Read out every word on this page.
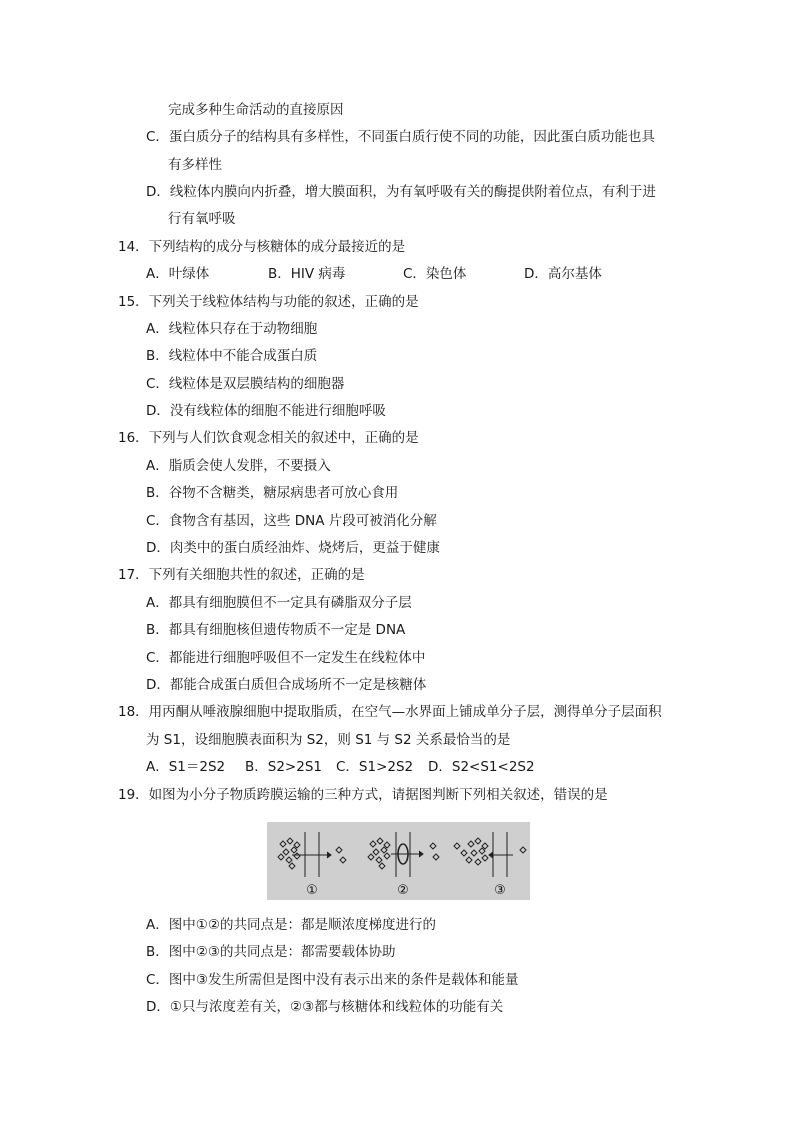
完成多种生命活动的直接原因
C．蛋白质分子的结构具有多样性，不同蛋白质行使不同的功能，因此蛋白质功能也具
有多样性
D．线粒体内膜向内折叠，增大膜面积，为有氧呼吸有关的酶提供附着位点，有利于进
行有氧呼吸
14．下列结构的成分与核糖体的成分最接近的是
A．叶绿体	B．HIV 病毒	C．染色体	D．高尔基体
15．下列关于线粒体结构与功能的叙述，正确的是
A．线粒体只存在于动物细胞
B．线粒体中不能合成蛋白质
C．线粒体是双层膜结构的细胞器
D．没有线粒体的细胞不能进行细胞呼吸
16．下列与人们饮食观念相关的叙述中，正确的是
A．脂质会使人发胖，不要摄入
B．谷物不含糖类，糖尿病患者可放心食用
C．食物含有基因，这些 DNA 片段可被消化分解
D．肉类中的蛋白质经油炸、烧烤后，更益于健康
17．下列有关细胞共性的叙述，正确的是
A．都具有细胞膜但不一定具有磷脂双分子层
B．都具有细胞核但遗传物质不一定是 DNA
C．都能进行细胞呼吸但不一定发生在线粒体中
D．都能合成蛋白质但合成场所不一定是核糖体
18．用丙酮从唾液腺细胞中提取脂质，在空气—水界面上铺成单分子层，测得单分子层面积
为 S1，设细胞膜表面积为 S2，则 S1 与 S2 关系最恰当的是
A．S1＝2S2 B．S2>2S1 C．S1>2S2 D．S2<S1<2S2
19．如图为小分子物质跨膜运输的三种方式，请据图判断下列相关叙述，错误的是
①	②	③
A．图中①②的共同点是：都是顺浓度梯度进行的
B．图中②③的共同点是：都需要载体协助
C．图中③发生所需但是图中没有表示出来的条件是载体和能量
D．①只与浓度差有关，②③都与核糖体和线粒体的功能有关
